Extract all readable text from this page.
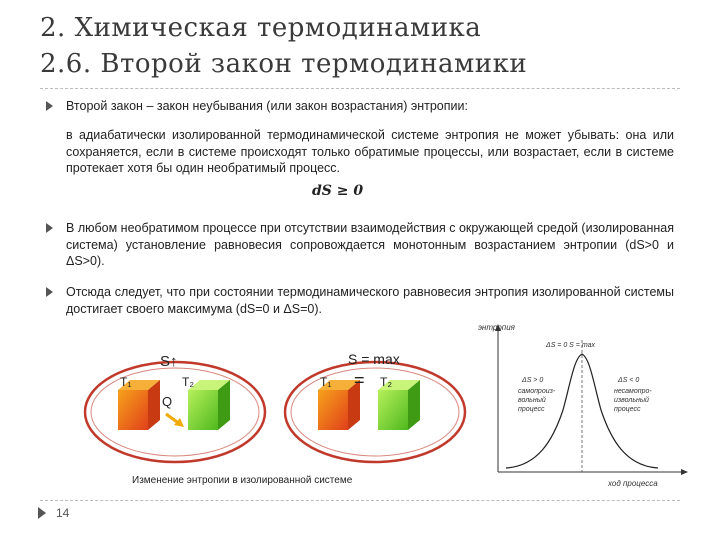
2. Химическая термодинамика
2.6. Второй закон термодинамики
Второй закон – закон неубывания (или закон возрастания) энтропии:
в адиабатически изолированной термодинамической системе энтропия не может убывать: она или сохраняется, если в системе происходят только обратимые процессы, или возрастает, если в системе протекает хотя бы один необратимый процесс.
dS ≥ 0
В любом необратимом процессе при отсутствии взаимодействия с окружающей средой (изолированная система) установление равновесия сопровождается монотонным возрастанием энтропии (dS>0 и ΔS>0).
Отсюда следует, что при состоянии термодинамического равновесия энтропия изолированной системы достигает своего максимума (dS=0 и ΔS=0).
S↑
T₁	T₂
Q
S = max
T₁ = T₂
Изменение энтропии в изолированной системе
энтропия
ход процесса
ΔS = 0 S = max
ΔS > 0
самопроиз-
вольный
процесс
ΔS < 0
несамопро-
извольный
процесс
14
